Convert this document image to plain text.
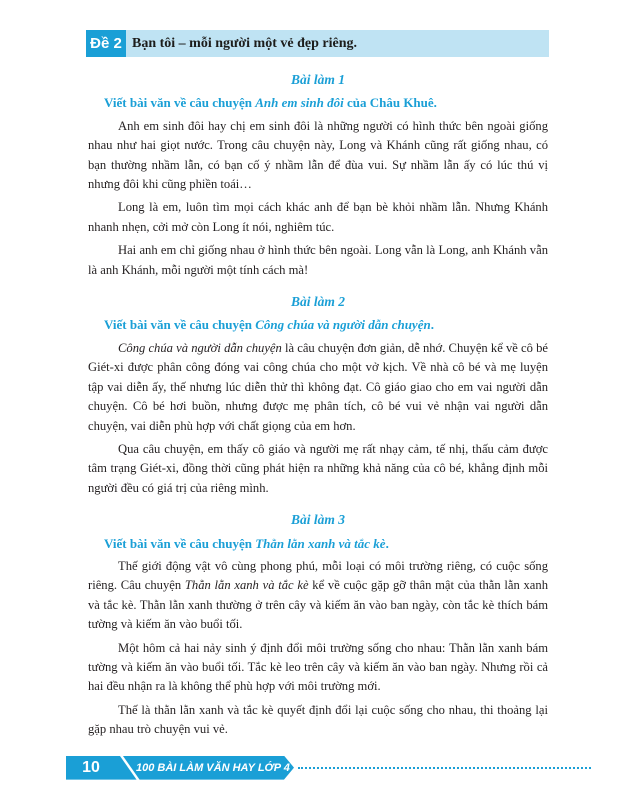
Đề 2 Bạn tôi – mỗi người một vẻ đẹp riêng.
Bài làm 1
Viết bài văn về câu chuyện Anh em sinh đôi của Châu Khuê.

Anh em sinh đôi hay chị em sinh đôi là những người có hình thức bên ngoài giống nhau như hai giọt nước. Trong câu chuyện này, Long và Khánh cũng rất giống nhau, có bạn thường nhầm lẫn, có bạn cố ý nhầm lẫn để đùa vui. Sự nhầm lẫn ấy có lúc thú vị nhưng đôi khi cũng phiền toái…

Long là em, luôn tìm mọi cách khác anh để bạn bè khỏi nhầm lẫn. Nhưng Khánh nhanh nhẹn, cởi mở còn Long ít nói, nghiêm túc.

Hai anh em chỉ giống nhau ở hình thức bên ngoài. Long vẫn là Long, anh Khánh vẫn là anh Khánh, mỗi người một tính cách mà!

Bài làm 2
Viết bài văn về câu chuyện Công chúa và người dẫn chuyện.

Công chúa và người dẫn chuyện là câu chuyện đơn giản, dễ nhớ. Chuyện kể về cô bé Giét-xi được phân công đóng vai công chúa cho một vở kịch. Về nhà cô bé và mẹ luyện tập vai diễn ấy, thế nhưng lúc diễn thử thì không đạt. Cô giáo giao cho em vai người dẫn chuyện. Cô bé hơi buồn, nhưng được mẹ phân tích, cô bé vui vẻ nhận vai người dẫn chuyện, vai diễn phù hợp với chất giọng của em hơn.

Qua câu chuyện, em thấy cô giáo và người mẹ rất nhạy cảm, tế nhị, thấu cảm được tâm trạng Giét-xi, đồng thời cũng phát hiện ra những khả năng của cô bé, khẳng định mỗi người đều có giá trị của riêng mình.

Bài làm 3
Viết bài văn về câu chuyện Thằn lằn xanh và tắc kè.

Thế giới động vật vô cùng phong phú, mỗi loại có môi trường riêng, có cuộc sống riêng. Câu chuyện Thằn lằn xanh và tắc kè kể về cuộc gặp gỡ thân mật của thằn lằn xanh và tắc kè. Thằn lằn xanh thường ở trên cây và kiếm ăn vào ban ngày, còn tắc kè thích bám tường và kiếm ăn vào buổi tối.

Một hôm cả hai nảy sinh ý định đổi môi trường sống cho nhau: Thằn lằn xanh bám tường và kiếm ăn vào buổi tối. Tắc kè leo trên cây và kiếm ăn vào ban ngày. Nhưng rồi cả hai đều nhận ra là không thể phù hợp với môi trường mới.

Thế là thằn lằn xanh và tắc kè quyết định đổi lại cuộc sống cho nhau, thi thoảng lại gặp nhau trò chuyện vui vẻ.

10	100 BÀI LÀM VĂN HAY LỚP 4
